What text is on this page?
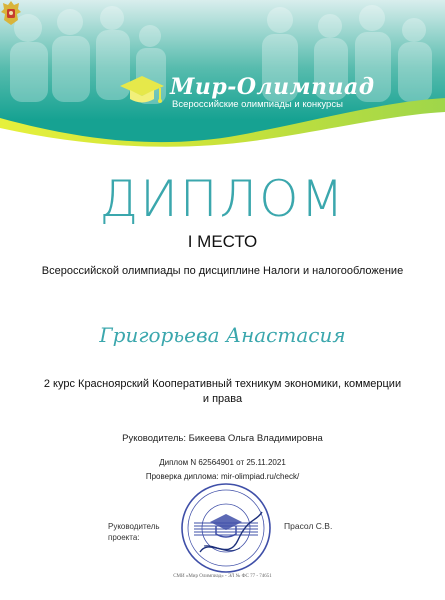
Мир-Олимпиад
Всероссийские олимпиады и конкурсы
ДИПЛОМ
I МЕСТО
Всероссийской олимпиады по дисциплине Налоги и налогообложение
Григорьева Анастасия
2 курс Красноярский Кооперативный техникум экономики, коммерции и права
Руководитель: Бикеева Ольга Владимировна
Диплом N 62564901 от 25.11.2021
Проверка диплома: mir-olimpiad.ru/check/
Руководитель
проекта:
Прасол С.В.
СМИ «Мир Олимпиад» - ЭЛ № ФС 77 - 74651
